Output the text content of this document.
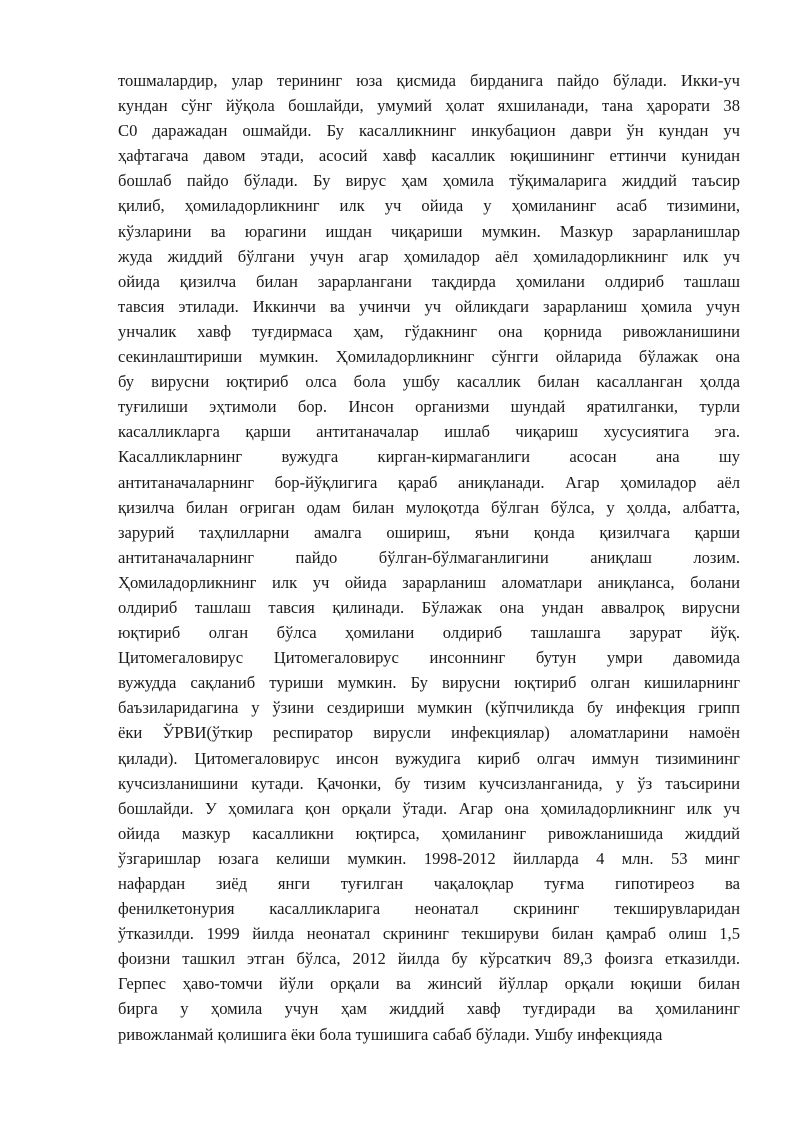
тошмалардир, улар терининг юза қисмида бирданига пайдо бўлади. Икки-уч
кундан сўнг йўқола бошлайди, умумий ҳолат яхшиланади, тана ҳарорати 38
C0 даражадан ошмайди. Бу касалликнинг инкубацион даври ўн кундан уч
ҳафтагача давом этади, асосий хавф касаллик юқишининг еттинчи кунидан
бошлаб пайдо бўлади. Бу вирус ҳам ҳомила тўқималарига жиддий таъсир
қилиб, ҳомиладорликнинг илк уч ойида у ҳомиланинг асаб тизимини,
кўзларини ва юрагини ишдан чиқариши мумкин. Мазкур зарарланишлар
жуда жиддий бўлгани учун агар ҳомиладор аёл ҳомиладорликнинг илк уч
ойида қизилча билан зарарлангани тақдирда ҳомилани олдириб ташлаш
тавсия этилади. Иккинчи ва учинчи уч ойликдаги зарарланиш ҳомила учун
унчалик хавф туғдирмаса ҳам, гўдакнинг она қорнида ривожланишини
секинлаштириши мумкин. Ҳомиладорликнинг сўнгги ойларида бўлажак она
бу вирусни юқтириб олса бола ушбу касаллик билан касалланган ҳолда
туғилиши эҳтимоли бор. Инсон организми шундай яратилганки, турли
касалликларга қарши антитаначалар ишлаб чиқариш хусусиятига эга.
Касалликларнинг вужудга кирган-кирмаганлиги асосан ана шу
антитаначаларнинг бор-йўқлигига қараб аниқланади. Агар ҳомиладор аёл
қизилча билан оғриган одам билан мулоқотда бўлган бўлса, у ҳолда, албатта,
зарурий таҳлилларни амалга ошириш, яъни қонда қизилчага қарши
антитаначаларнинг пайдо бўлган-бўлмаганлигини аниқлаш лозим.
Ҳомиладорликнинг илк уч ойида зарарланиш аломатлари аниқланса, болани
олдириб ташлаш тавсия қилинади. Бўлажак она ундан аввалроқ вирусни
юқтириб олган бўлса ҳомилани олдириб ташлашга зарурат йўқ.
Цитомегаловирус Цитомегаловирус инсоннинг бутун умри давомида
вужудда сақланиб туриши мумкин. Бу вирусни юқтириб олган кишиларнинг
баъзиларидагина у ўзини сездириши мумкин (кўпчиликда бу инфекция грипп
ёки ЎРВИ(ўткир респиратор вирусли инфекциялар) аломатларини намоён
қилади). Цитомегаловирус инсон вужудига кириб олгач иммун тизимининг
кучсизланишини кутади. Қачонки, бу тизим кучсизланганида, у ўз таъсирини
бошлайди. У ҳомилага қон орқали ўтади. Агар она ҳомиладорликнинг илк уч
ойида мазкур касалликни юқтирса, ҳомиланинг ривожланишида жиддий
ўзгаришлар юзага келиши мумкин. 1998-2012 йилларда 4 млн. 53 минг
нафардан зиёд янги туғилган чақалоқлар туғма гипотиреоз ва
фенилкетонурия касалликларига неонатал скрининг текширувларидан
ўтказилди. 1999 йилда неонатал скрининг текшируви билан қамраб олиш 1,5
фоизни ташкил этган бўлса, 2012 йилда бу кўрсаткич 89,3 фоизга етказилди.
Герпес ҳаво-томчи йўли орқали ва жинсий йўллар орқали юқиши билан
бирга у ҳомила учун ҳам жиддий хавф туғдиради ва ҳомиланинг
ривожланмай қолишига ёки бола тушишига сабаб бўлади. Ушбу инфекцияда
